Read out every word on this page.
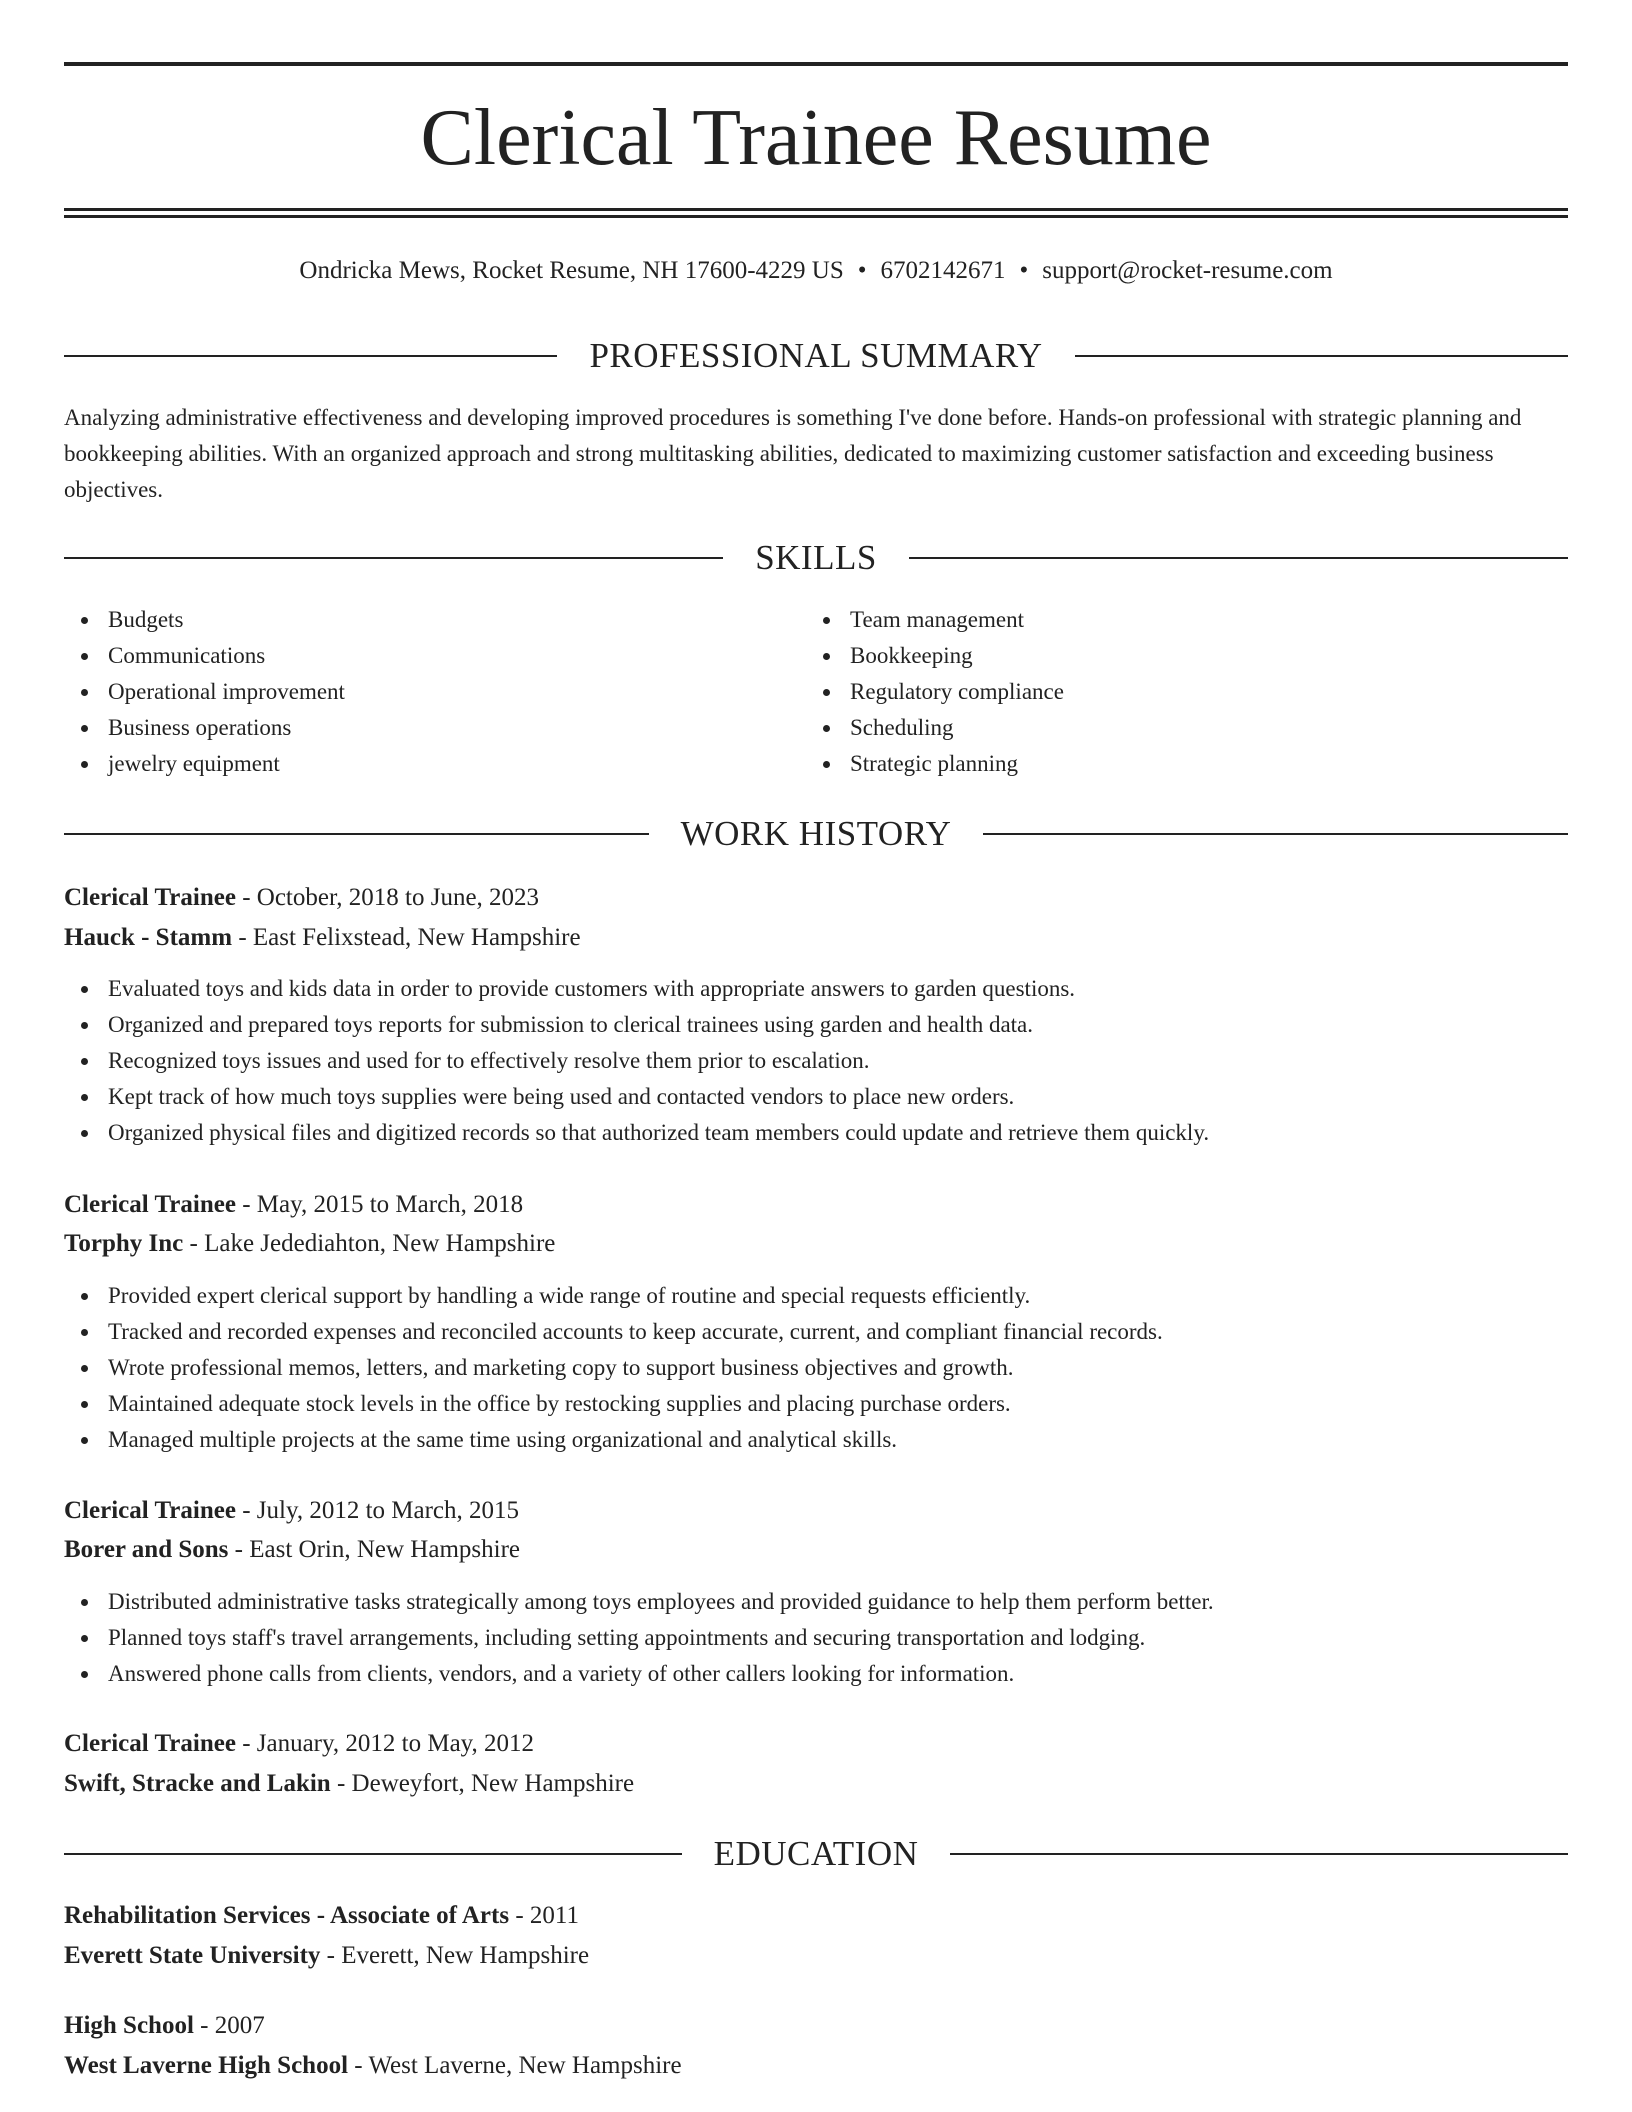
Clerical Trainee Resume
Ondricka Mews, Rocket Resume, NH 17600-4229 US • 6702142671 • support@rocket-resume.com
PROFESSIONAL SUMMARY

Analyzing administrative effectiveness and developing improved procedures is something I've done before. Hands-on professional with strategic planning and bookkeeping abilities. With an organized approach and strong multitasking abilities, dedicated to maximizing customer satisfaction and exceeding business objectives.

SKILLS
Budgets
Communications
Operational improvement
Business operations
jewelry equipment
Team management
Bookkeeping
Regulatory compliance
Scheduling
Strategic planning
WORK HISTORY
Clerical Trainee - October, 2018 to June, 2023
Hauck - Stamm - East Felixstead, New Hampshire
Evaluated toys and kids data in order to provide customers with appropriate answers to garden questions.
Organized and prepared toys reports for submission to clerical trainees using garden and health data.
Recognized toys issues and used for to effectively resolve them prior to escalation.
Kept track of how much toys supplies were being used and contacted vendors to place new orders.
Organized physical files and digitized records so that authorized team members could update and retrieve them quickly.
Clerical Trainee - May, 2015 to March, 2018
Torphy Inc - Lake Jedediahton, New Hampshire
Provided expert clerical support by handling a wide range of routine and special requests efficiently.
Tracked and recorded expenses and reconciled accounts to keep accurate, current, and compliant financial records.
Wrote professional memos, letters, and marketing copy to support business objectives and growth.
Maintained adequate stock levels in the office by restocking supplies and placing purchase orders.
Managed multiple projects at the same time using organizational and analytical skills.
Clerical Trainee - July, 2012 to March, 2015
Borer and Sons - East Orin, New Hampshire
Distributed administrative tasks strategically among toys employees and provided guidance to help them perform better.
Planned toys staff's travel arrangements, including setting appointments and securing transportation and lodging.
Answered phone calls from clients, vendors, and a variety of other callers looking for information.
Clerical Trainee - January, 2012 to May, 2012
Swift, Stracke and Lakin - Deweyfort, New Hampshire
EDUCATION
Rehabilitation Services - Associate of Arts - 2011
Everett State University - Everett, New Hampshire
High School - 2007
West Laverne High School - West Laverne, New Hampshire
